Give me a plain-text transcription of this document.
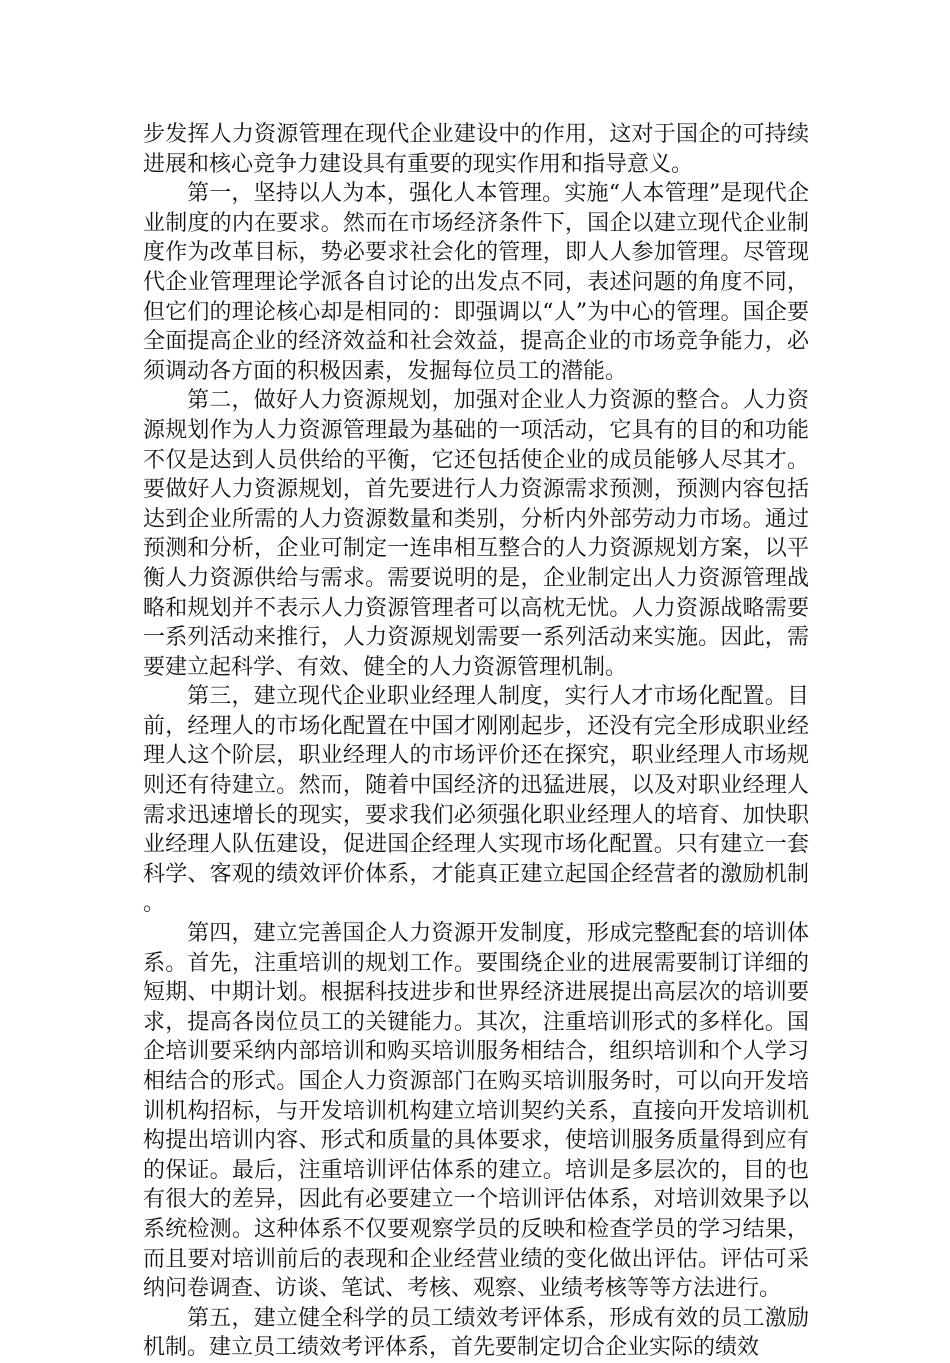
步发挥人力资源管理在现代企业建设中的作用，这对于国企的可持续进展和核心竞争力建设具有重要的现实作用和指导意义。

第一，坚持以人为本，强化人本管理。实施“人本管理”是现代企业制度的内在要求。然而在市场经济条件下，国企以建立现代企业制度作为改革目标，势必要求社会化的管理，即人人参加管理。尽管现代企业管理理论学派各自讨论的出发点不同，表述问题的角度不同，但它们的理论核心却是相同的：即强调以“人”为中心的管理。国企要全面提高企业的经济效益和社会效益，提高企业的市场竞争能力，必须调动各方面的积极因素，发掘每位员工的潜能。

第二，做好人力资源规划，加强对企业人力资源的整合。人力资源规划作为人力资源管理最为基础的一项活动，它具有的目的和功能不仅是达到人员供给的平衡，它还包括使企业的成员能够人尽其才。要做好人力资源规划，首先要进行人力资源需求预测，预测内容包括达到企业所需的人力资源数量和类别，分析内外部劳动力市场。通过预测和分析，企业可制定一连串相互整合的人力资源规划方案，以平衡人力资源供给与需求。需要说明的是，企业制定出人力资源管理战略和规划并不表示人力资源管理者可以高枕无忧。人力资源战略需要一系列活动来推行，人力资源规划需要一系列活动来实施。因此，需要建立起科学、有效、健全的人力资源管理机制。

第三，建立现代企业职业经理人制度，实行人才市场化配置。目前，经理人的市场化配置在中国才刚刚起步，还没有完全形成职业经理人这个阶层，职业经理人的市场评价还在探究，职业经理人市场规则还有待建立。然而，随着中国经济的迅猛进展，以及对职业经理人需求迅速增长的现实，要求我们必须强化职业经理人的培育、加快职业经理人队伍建设，促进国企经理人实现市场化配置。只有建立一套科学、客观的绩效评价体系，才能真正建立起国企经营者的激励机制。

第四，建立完善国企人力资源开发制度，形成完整配套的培训体系。首先，注重培训的规划工作。要围绕企业的进展需要制订详细的短期、中期计划。根据科技进步和世界经济进展提出高层次的培训要求，提高各岗位员工的关键能力。其次，注重培训形式的多样化。国企培训要采纳内部培训和购买培训服务相结合，组织培训和个人学习相结合的形式。国企人力资源部门在购买培训服务时，可以向开发培训机构招标，与开发培训机构建立培训契约关系，直接向开发培训机构提出培训内容、形式和质量的具体要求，使培训服务质量得到应有的保证。最后，注重培训评估体系的建立。培训是多层次的，目的也有很大的差异，因此有必要建立一个培训评估体系，对培训效果予以系统检测。这种体系不仅要观察学员的反映和检查学员的学习结果，而且要对培训前后的表现和企业经营业绩的变化做出评估。评估可采纳问卷调查、访谈、笔试、考核、观察、业绩考核等等方法进行。

第五，建立健全科学的员工绩效考评体系，形成有效的员工激励机制。建立员工绩效考评体系，首先要制定切合企业实际的绩效
